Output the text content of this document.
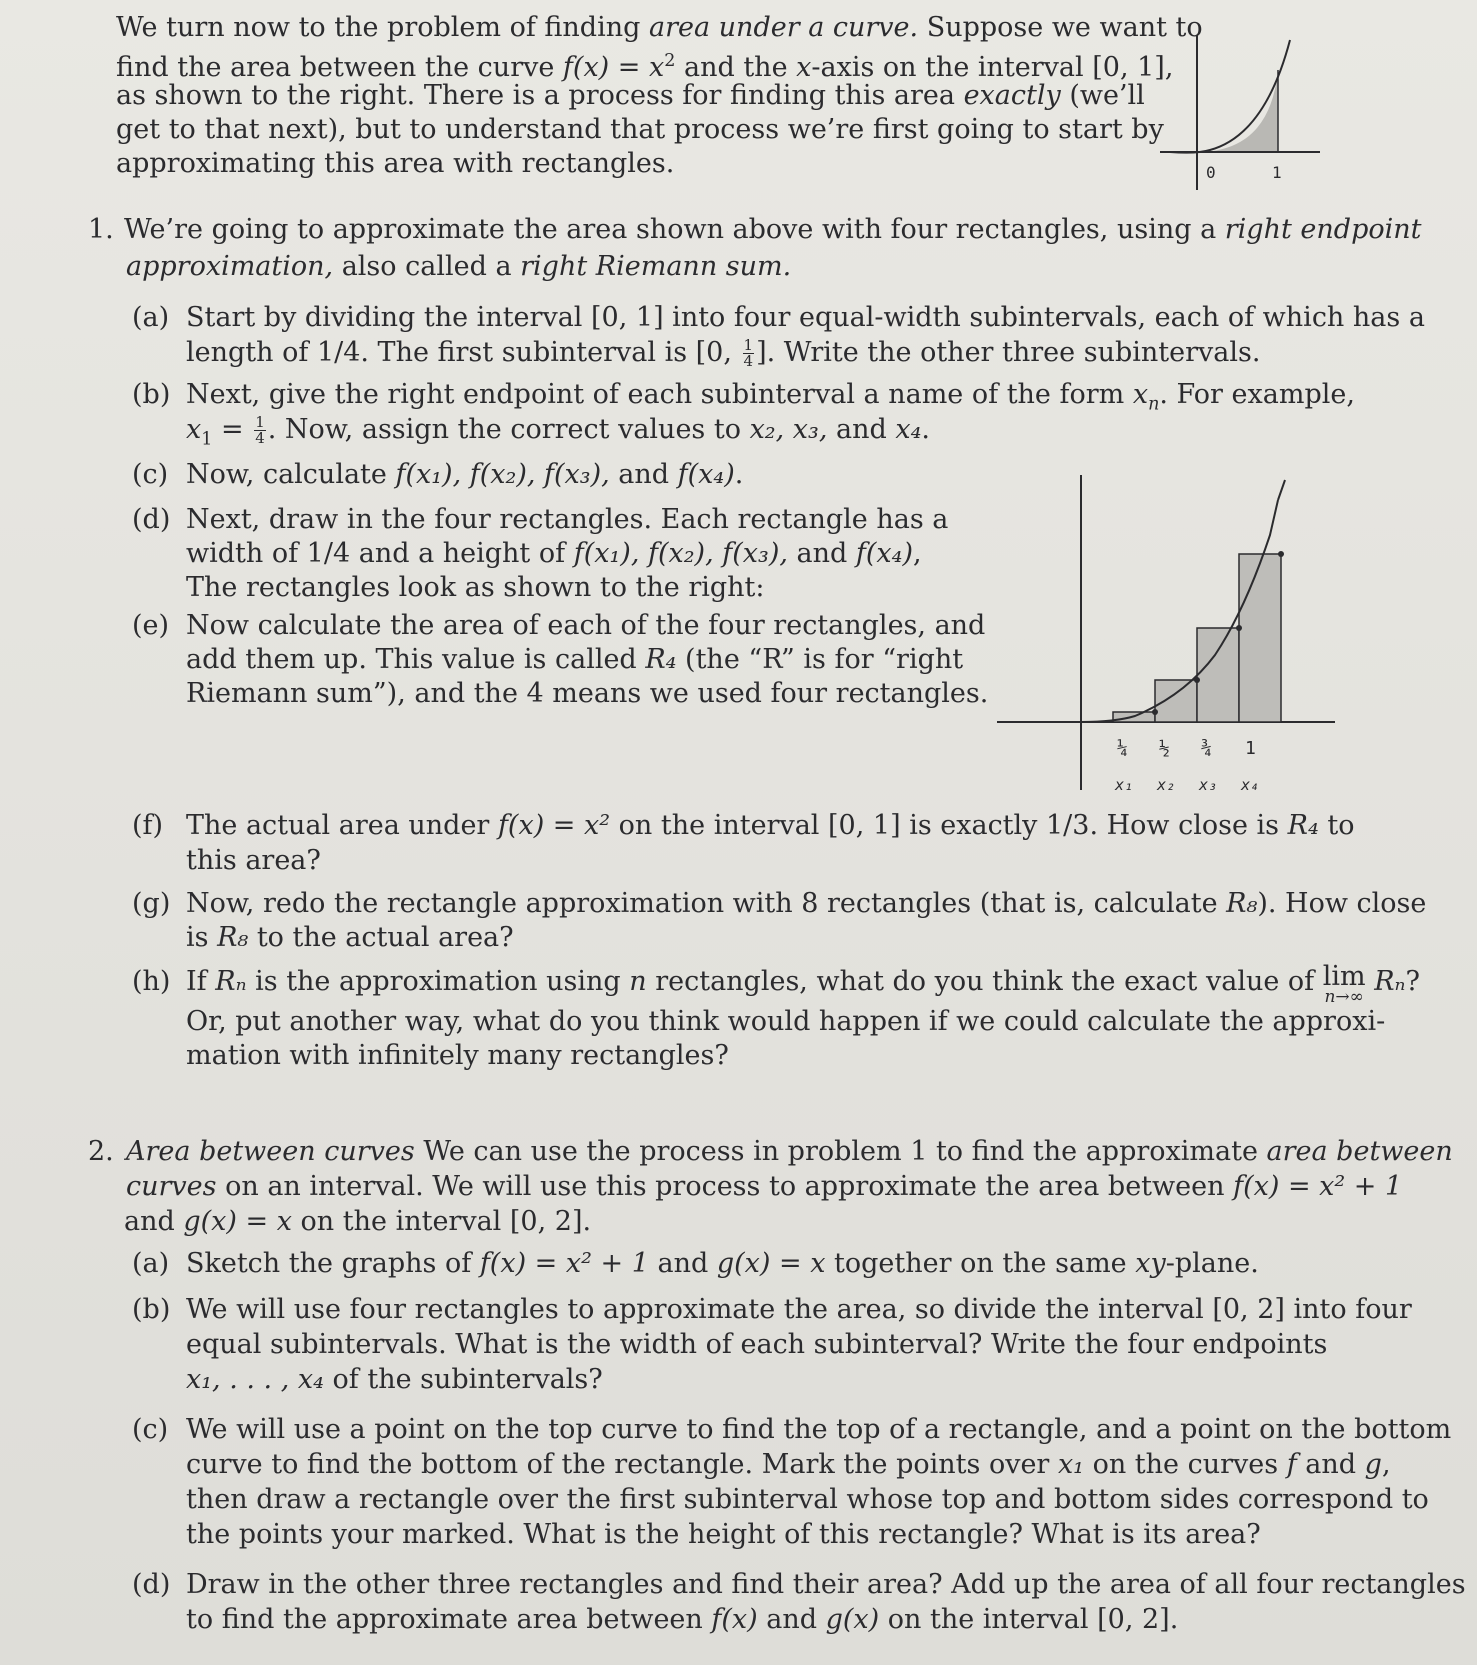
We turn now to the problem of finding area under a curve. Suppose we want to
find the area between the curve $f(x) = x^2$ and the x-axis on the interval [0, 1],
as shown to the right. There is a process for finding this area exactly (we’ll
get to that next), but to understand that process we’re first going to start by
approximating this area with rectangles.	0	1
1. We’re going to approximate the area shown above with four rectangles, using a right endpoint
approximation, also called a right Riemann sum.
(a) Start by dividing the interval [0, 1] into four equal-width subintervals, each of which has a
length of 1/4. The first subinterval is [0, $\frac{1}{4}$ ]. Write the other three subintervals.
(b) Next, give the right endpoint of each subinterval a name of the form $x_n$. For example,
$x_1 = \frac{1}{4}$ . Now, assign the correct values to x₂, x₃, and x₄.
(c) Now, calculate f(x₁), f(x₂), f(x₃), and f(x₄).
(d) Next, draw in the four rectangles. Each rectangle has a
width of 1/4 and a height of f(x₁), f(x₂), f(x₃), and f(x₄),
The rectangles look as shown to the right:
(e) Now calculate the area of each of the four rectangles, and
add them up. This value is called R₄ (the “R” is for “right
Riemann sum”), and the 4 means we used four rectangles.
(f) The actual area under f(x) = x² on the interval [0, 1] is exactly 1/3. How close is R₄ to
this area?
(g) Now, redo the rectangle approximation with 8 rectangles (that is, calculate R₈). How close
is R₈ to the actual area?
(h) If Rₙ is the approximation using n rectangles, what do you think the exact value of lim
n→∞ Rₙ?
Or, put another way, what do you think would happen if we could calculate the approxi-
mation with infinitely many rectangles?
¼ ½ ¾ 1
x₁ x₂ x₃ x₄
2. Area between curves We can use the process in problem 1 to find the approximate area between
curves on an interval. We will use this process to approximate the area between f(x) = x² + 1
and g(x) = x on the interval [0, 2].
(a) Sketch the graphs of f(x) = x² + 1 and g(x) = x together on the same xy-plane.
(b) We will use four rectangles to approximate the area, so divide the interval [0, 2] into four
equal subintervals. What is the width of each subinterval? Write the four endpoints
x₁, . . . , x₄ of the subintervals?
(c) We will use a point on the top curve to find the top of a rectangle, and a point on the bottom
curve to find the bottom of the rectangle. Mark the points over x₁ on the curves f and g,
then draw a rectangle over the first subinterval whose top and bottom sides correspond to
the points your marked. What is the height of this rectangle? What is its area?
(d) Draw in the other three rectangles and find their area? Add up the area of all four rectangles
to find the approximate area between f(x) and g(x) on the interval [0, 2].
